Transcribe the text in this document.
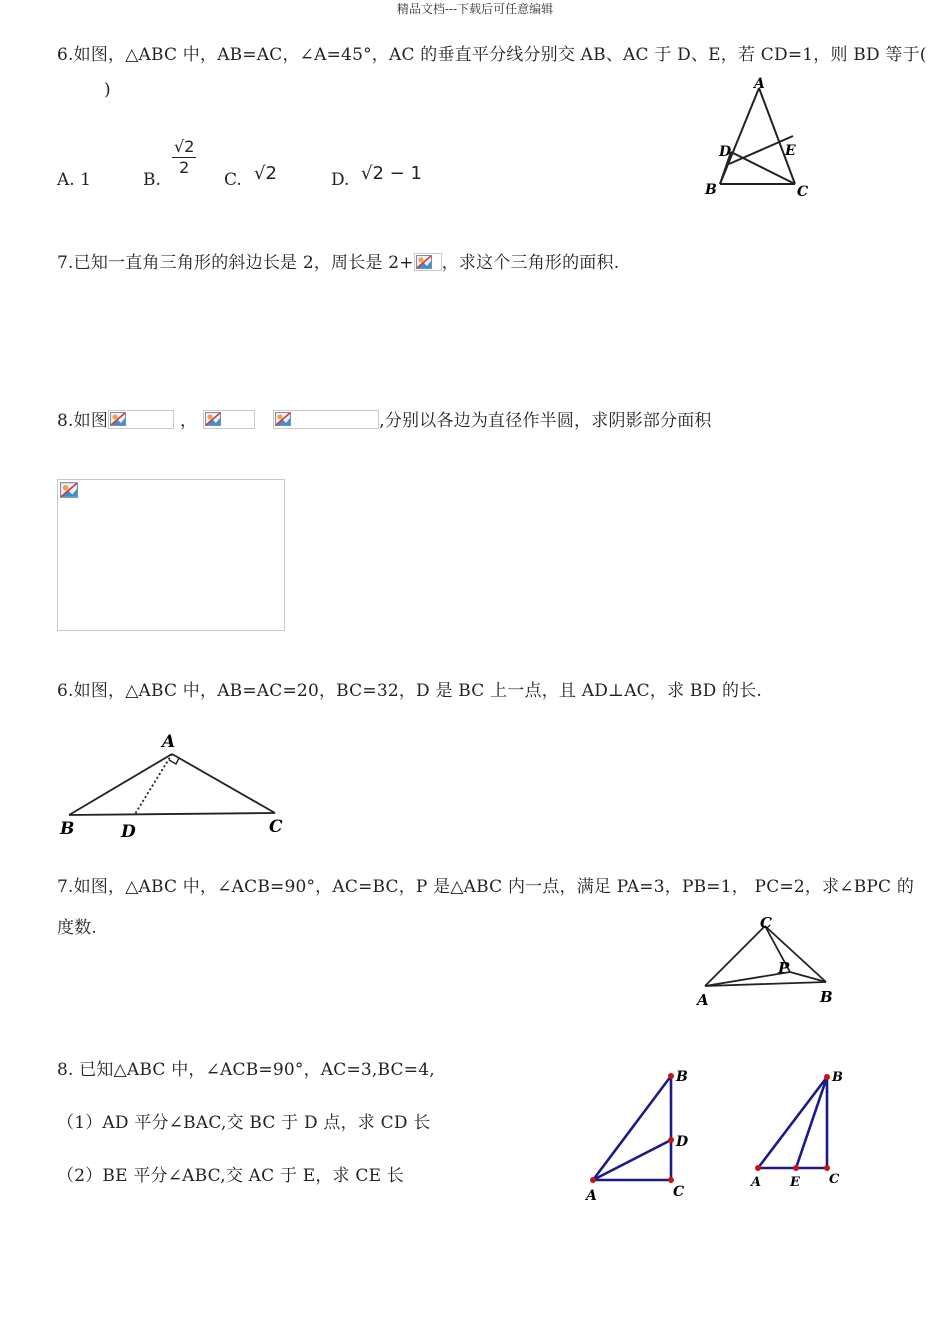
精品文档---下载后可任意编辑
6.如图，△ABC 中，AB=AC，∠A=45°，AC 的垂直平分线分别交 AB、AC 于 D、E，若 CD=1，则 BD 等于(
)
A. 1	B.
$\frac{√2}{2}$
C. √2	D. √2 − 1
A
B	C
D	E
7.已知一直角三角形的斜边长是 2，周长是 2+ ，求这个三角形的面积.
8.如图	，	,分别以各边为直径作半圆，求阴影部分面积
6.如图，△ABC 中，AB=AC=20，BC=32，D 是 BC 上一点，且 AD⊥AC，求 BD 的长.
A
B	D	C
7.如图，△ABC 中，∠ACB=90°，AC=BC，P 是△ABC 内一点，满足 PA=3，PB=1， PC=2，求∠BPC 的
度数.	C
P
A	B
8. 已知△ABC 中，∠ACB=90°，AC=3,BC=4,
（1）AD 平分∠BAC,交 BC 于 D 点，求 CD 长
（2）BE 平分∠ABC,交 AC 于 E，求 CE 长
B
D
C
A
B
C
A E
